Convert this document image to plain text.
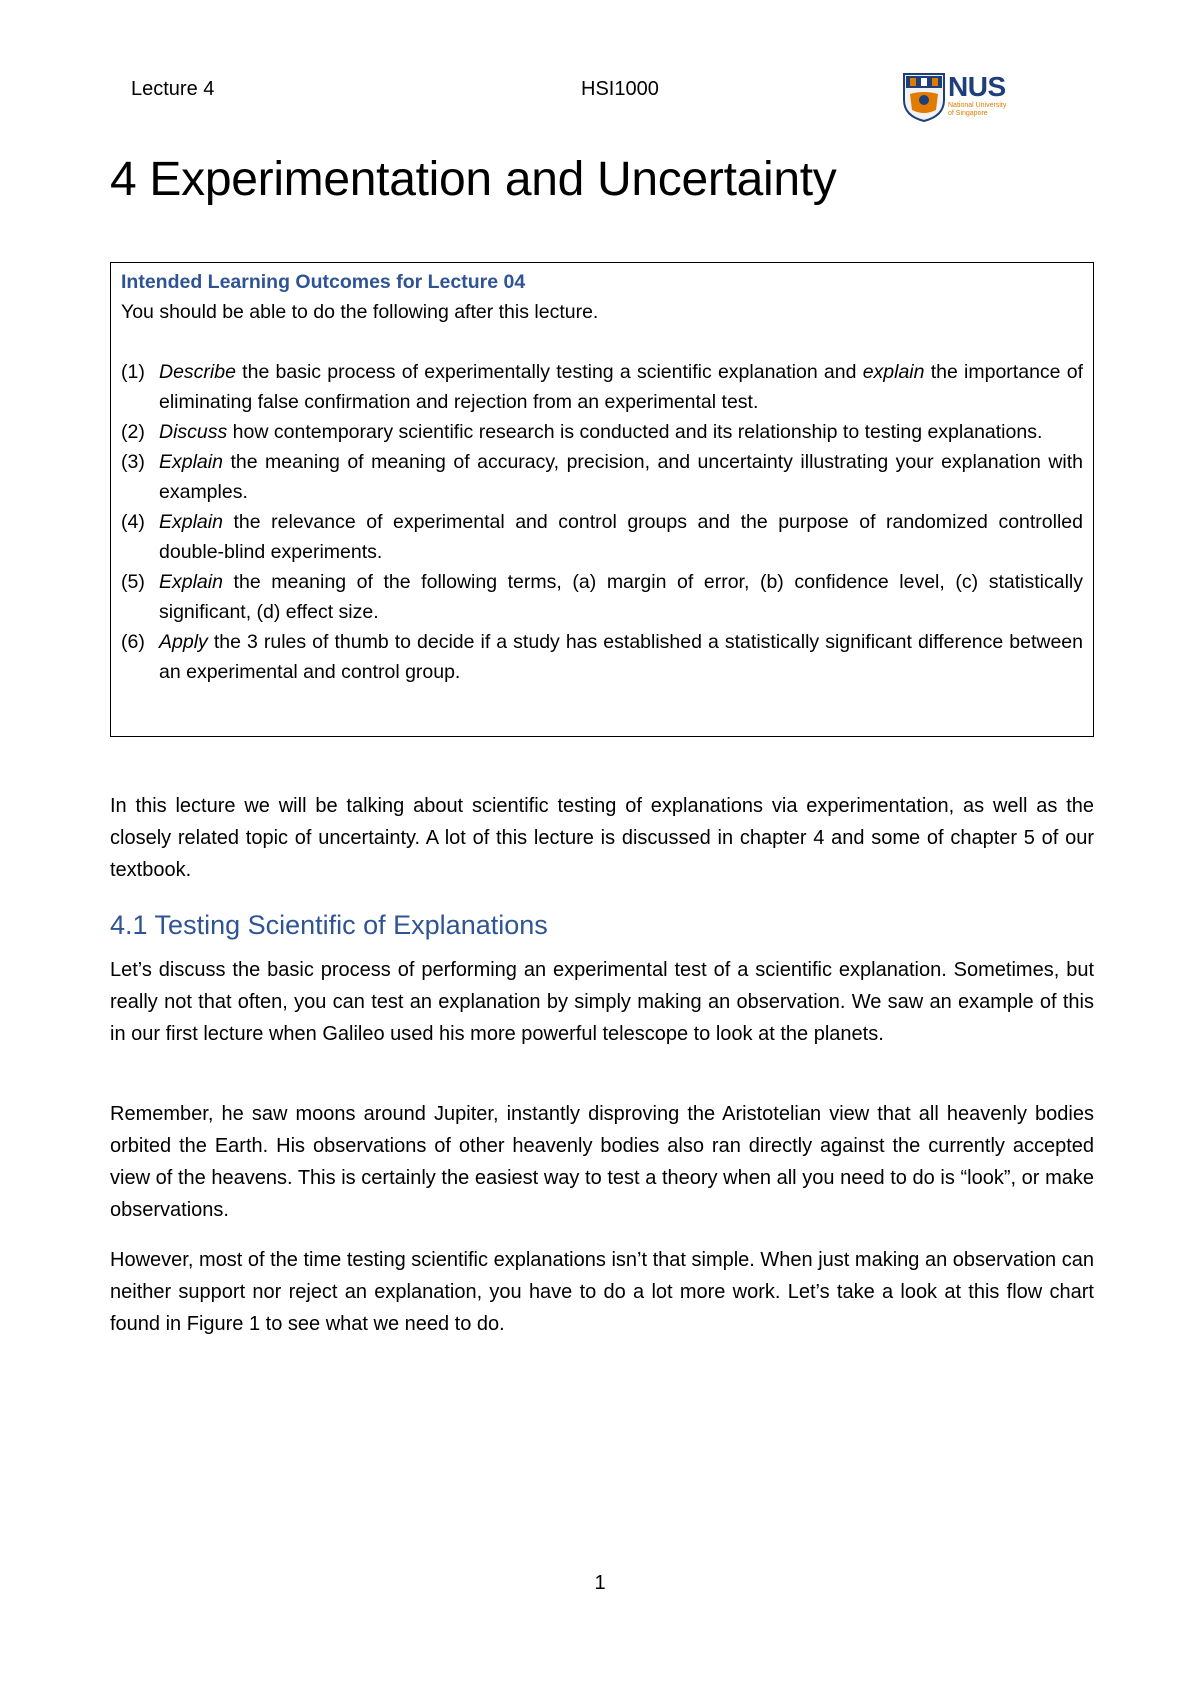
Lecture 4	HSI1000	NUS
National University of Singapore
4 Experimentation and Uncertainty
Intended Learning Outcomes for Lecture 04
You should be able to do the following after this lecture.
(1) Describe the basic process of experimentally testing a scientific explanation and explain the importance of eliminating false confirmation and rejection from an experimental test.
(2) Discuss how contemporary scientific research is conducted and its relationship to testing explanations.
(3) Explain the meaning of meaning of accuracy, precision, and uncertainty illustrating your explanation with examples.
(4) Explain the relevance of experimental and control groups and the purpose of randomized controlled double-blind experiments.
(5) Explain the meaning of the following terms, (a) margin of error, (b) confidence level, (c) statistically significant, (d) effect size.
(6) Apply the 3 rules of thumb to decide if a study has established a statistically significant difference between an experimental and control group.

In this lecture we will be talking about scientific testing of explanations via experimentation, as well as the closely related topic of uncertainty. A lot of this lecture is discussed in chapter 4 and some of chapter 5 of our textbook.

4.1 Testing Scientific of Explanations

Let’s discuss the basic process of performing an experimental test of a scientific explanation. Sometimes, but really not that often, you can test an explanation by simply making an observation. We saw an example of this in our first lecture when Galileo used his more powerful telescope to look at the planets.

Remember, he saw moons around Jupiter, instantly disproving the Aristotelian view that all heavenly bodies orbited the Earth. His observations of other heavenly bodies also ran directly against the currently accepted view of the heavens. This is certainly the easiest way to test a theory when all you need to do is “look”, or make observations.

However, most of the time testing scientific explanations isn’t that simple. When just making an observation can neither support nor reject an explanation, you have to do a lot more work. Let’s take a look at this flow chart found in Figure 1 to see what we need to do.

1
